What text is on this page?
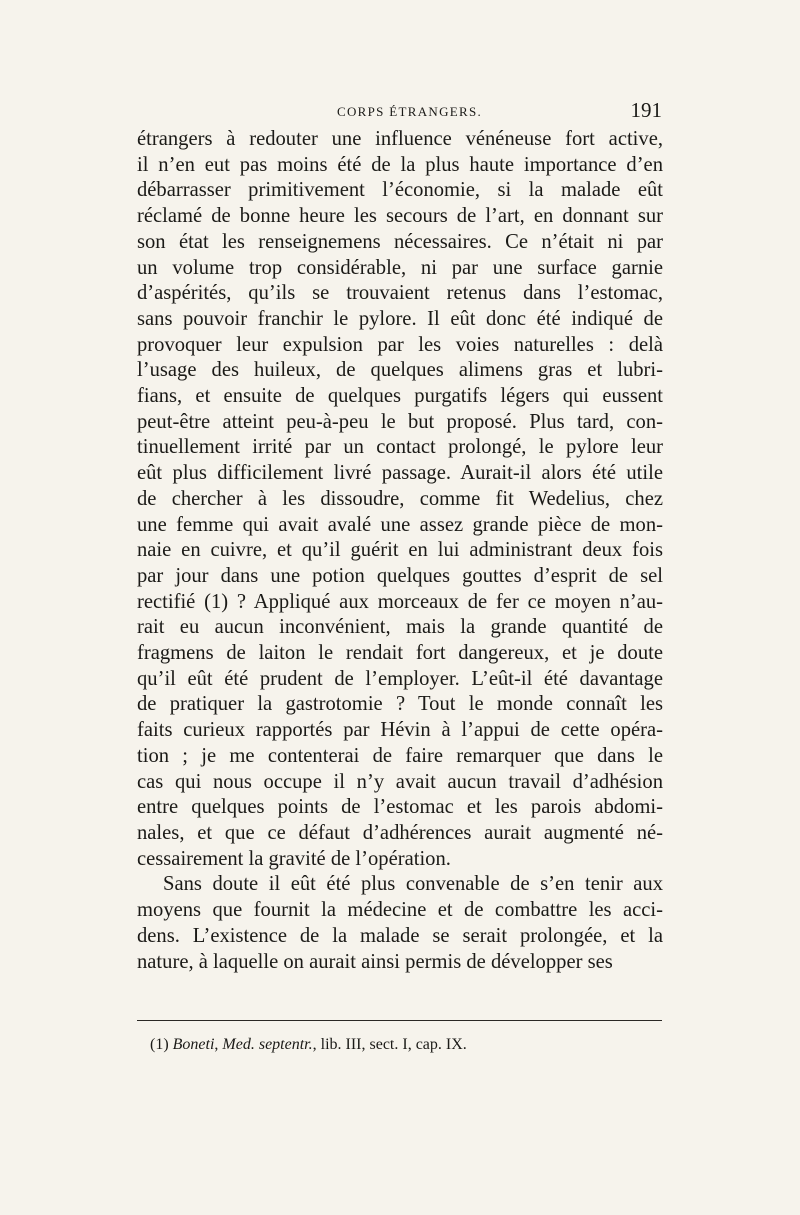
CORPS ÉTRANGERS.	191
étrangers à redouter une influence vénéneuse fort active,
il n’en eut pas moins été de la plus haute importance d’en
débarrasser primitivement l’économie, si la malade eût
réclamé de bonne heure les secours de l’art, en donnant sur
son état les renseignemens nécessaires. Ce n’était ni par
un volume trop considérable, ni par une surface garnie
d’aspérités, qu’ils se trouvaient retenus dans l’estomac,
sans pouvoir franchir le pylore. Il eût donc été indiqué de
provoquer leur expulsion par les voies naturelles : delà
l’usage des huileux, de quelques alimens gras et lubri-
fians, et ensuite de quelques purgatifs légers qui eussent
peut-être atteint peu-à-peu le but proposé. Plus tard, con-
tinuellement irrité par un contact prolongé, le pylore leur
eût plus difficilement livré passage. Aurait-il alors été utile
de chercher à les dissoudre, comme fit Wedelius, chez
une femme qui avait avalé une assez grande pièce de mon-
naie en cuivre, et qu’il guérit en lui administrant deux fois
par jour dans une potion quelques gouttes d’esprit de sel
rectifié (1) ? Appliqué aux morceaux de fer ce moyen n’au-
rait eu aucun inconvénient, mais la grande quantité de
fragmens de laiton le rendait fort dangereux, et je doute
qu’il eût été prudent de l’employer. L’eût-il été davantage
de pratiquer la gastrotomie ? Tout le monde connaît les
faits curieux rapportés par Hévin à l’appui de cette opéra-
tion ; je me contenterai de faire remarquer que dans le
cas qui nous occupe il n’y avait aucun travail d’adhésion
entre quelques points de l’estomac et les parois abdomi-
nales, et que ce défaut d’adhérences aurait augmenté né-
cessairement la gravité de l’opération.
Sans doute il eût été plus convenable de s’en tenir aux
moyens que fournit la médecine et de combattre les acci-
dens. L’existence de la malade se serait prolongée, et la
nature, à laquelle on aurait ainsi permis de développer ses
(1) Boneti, Med. septentr., lib. III, sect. I, cap. IX.
